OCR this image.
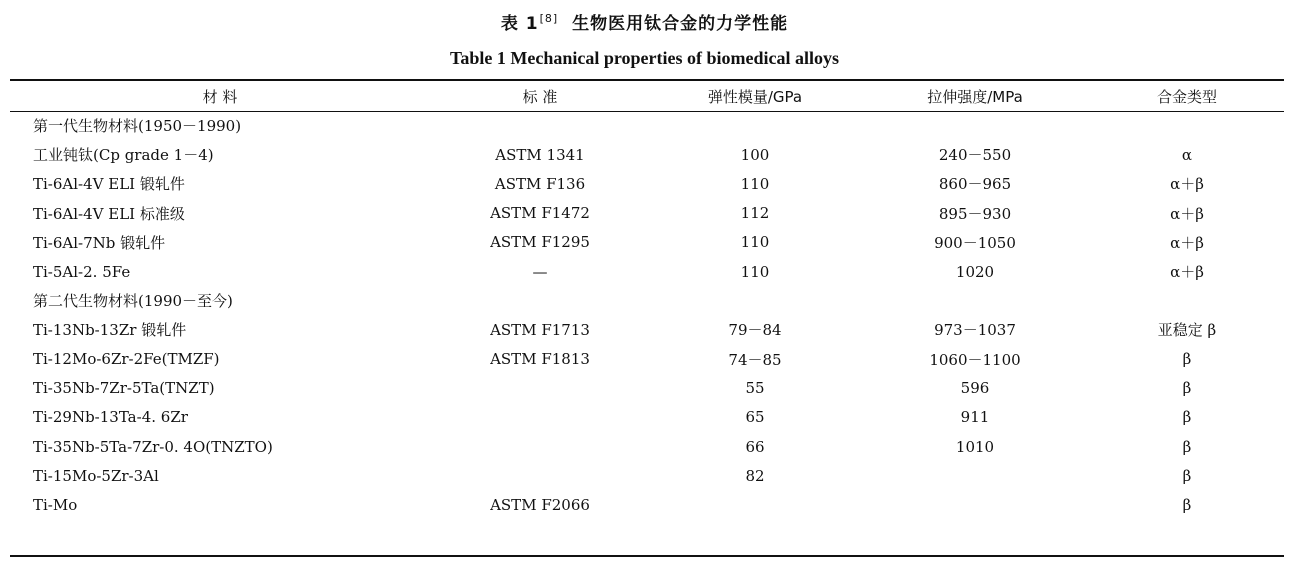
表 1[8] 生物医用钛合金的力学性能
Table 1 Mechanical properties of biomedical alloys
材 料	标 准	弹性模量/GPa	拉伸强度/MPa	合金类型
第一代生物材料(1950－1990)				
工业钝钛(Cp grade 1－4)	ASTM 1341	100	240－550	α
Ti-6Al-4V ELI 锻轧件	ASTM F136	110	860－965	α＋β
Ti-6Al-4V ELI 标准级	ASTM F1472	112	895－930	α＋β
Ti-6Al-7Nb 锻轧件	ASTM F1295	110	900－1050	α＋β
Ti-5Al-2. 5Fe	—	110	1020	α＋β
第二代生物材料(1990－至今)				
Ti-13Nb-13Zr 锻轧件	ASTM F1713	79－84	973－1037	亚稳定 β
Ti-12Mo-6Zr-2Fe(TMZF)	ASTM F1813	74－85	1060－1100	β
Ti-35Nb-7Zr-5Ta(TNZT)		55	596	β
Ti-29Nb-13Ta-4. 6Zr		65	911	β
Ti-35Nb-5Ta-7Zr-0. 4O(TNZTO)		66	1010	β
Ti-15Mo-5Zr-3Al		82		β
Ti-Mo	ASTM F2066			β
